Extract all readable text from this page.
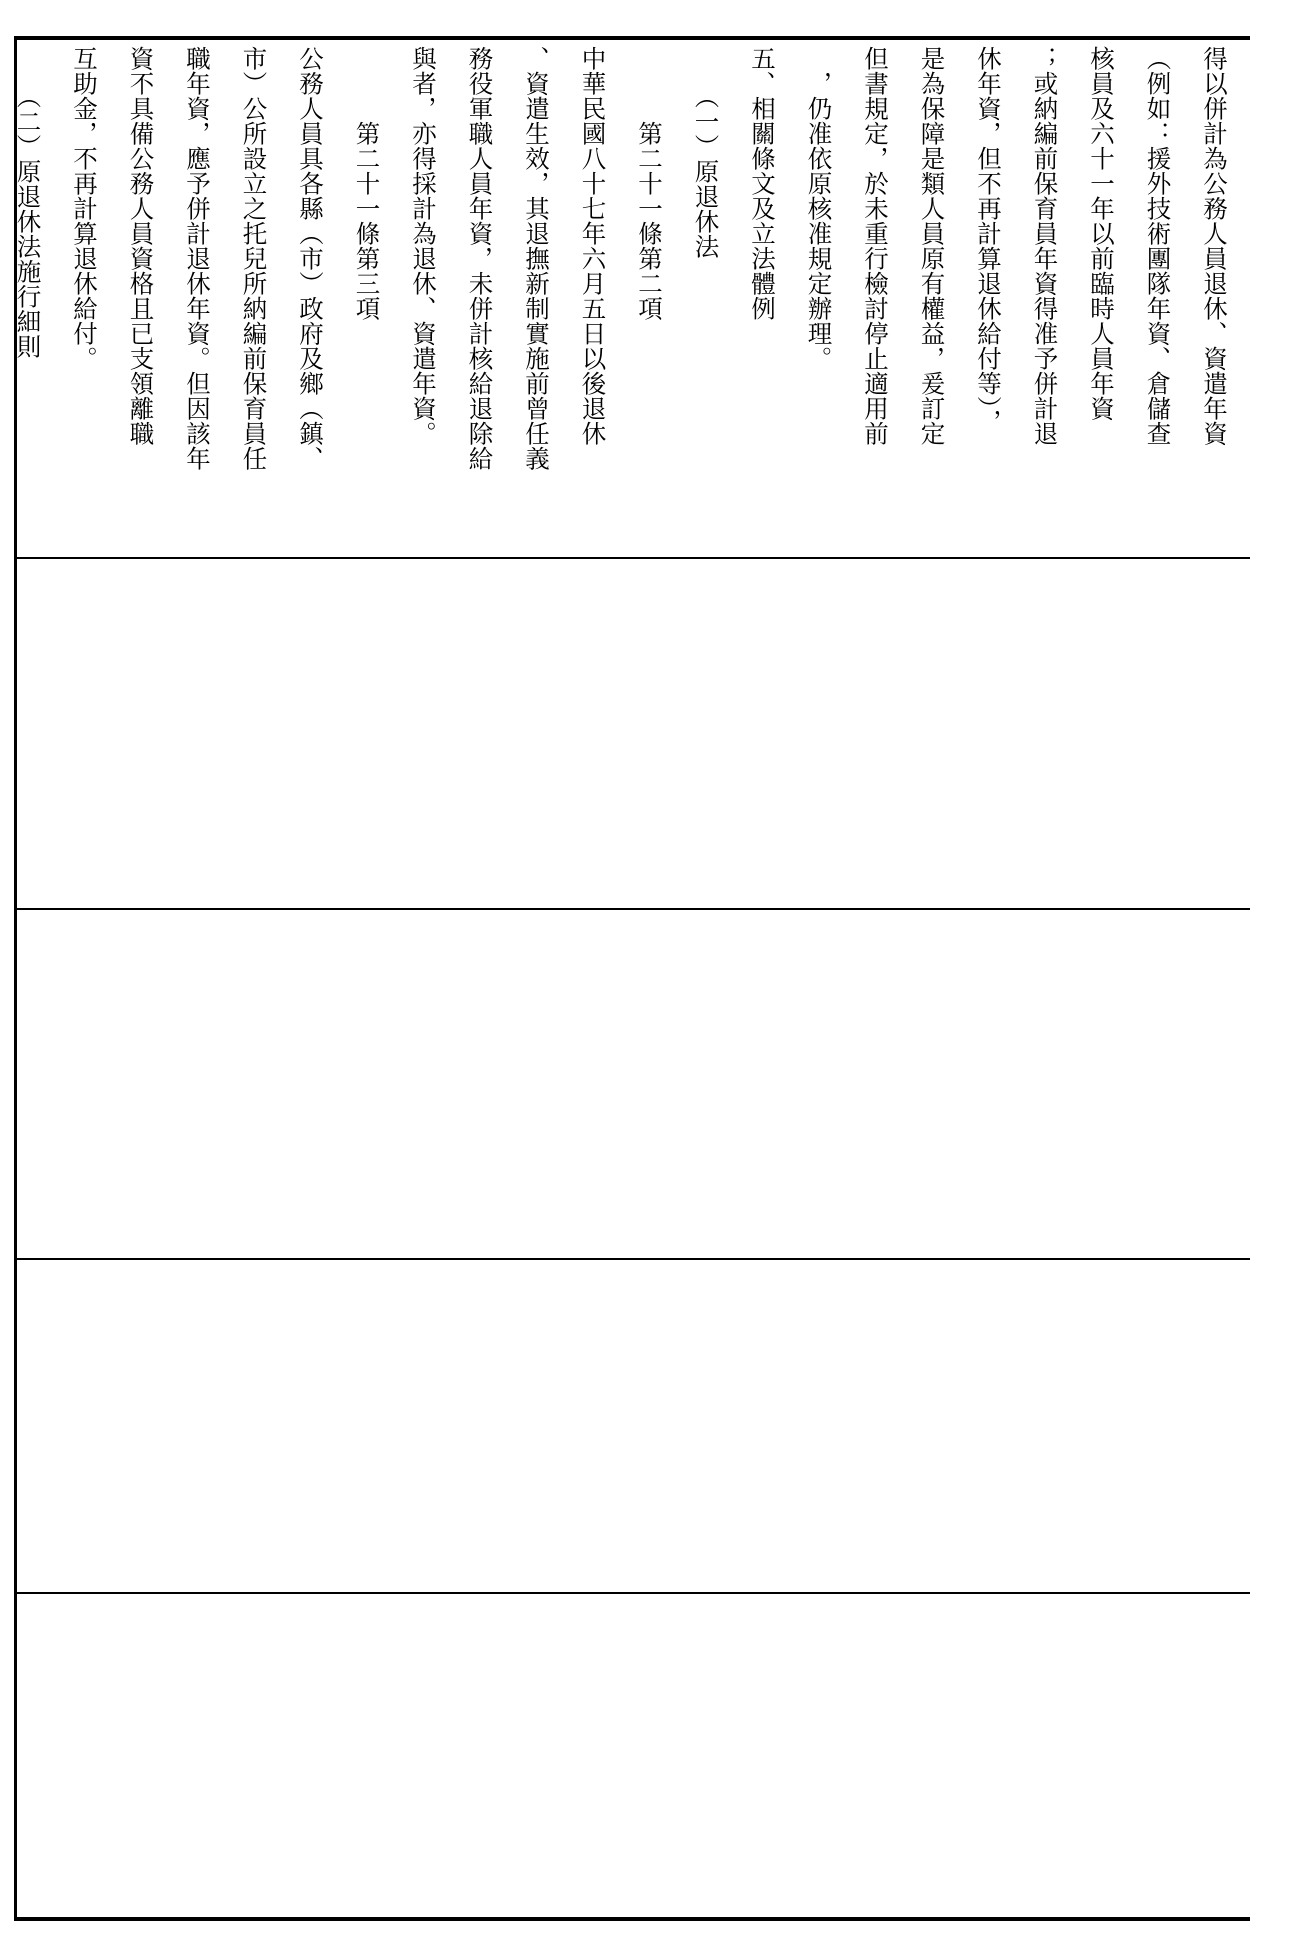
得以併計為公務人員退休、資遣年資
（例如：援外技術團隊年資、倉儲查
核員及六十一年以前臨時人員年資
；或納編前保育員年資得准予併計退
休年資，但不再計算退休給付等），
是為保障是類人員原有權益，爰訂定
但書規定，於未重行檢討停止適用前
　，仍准依原核准規定辦理。
五、相關條文及立法體例
　　（一）原退休法
　　　第二十一條第二項
中華民國八十七年六月五日以後退休
、資遣生效，其退撫新制實施前曾任義
務役軍職人員年資，未併計核給退除給
與者，亦得採計為退休、資遣年資。
　　　第二十一條第三項
公務人員具各縣（市）政府及鄉（鎮、
市）公所設立之托兒所納編前保育員任
職年資，應予併計退休年資。但因該年
資不具備公務人員資格且已支領離職
互助金，不再計算退休給付。
　　（二）原退休法施行細則
